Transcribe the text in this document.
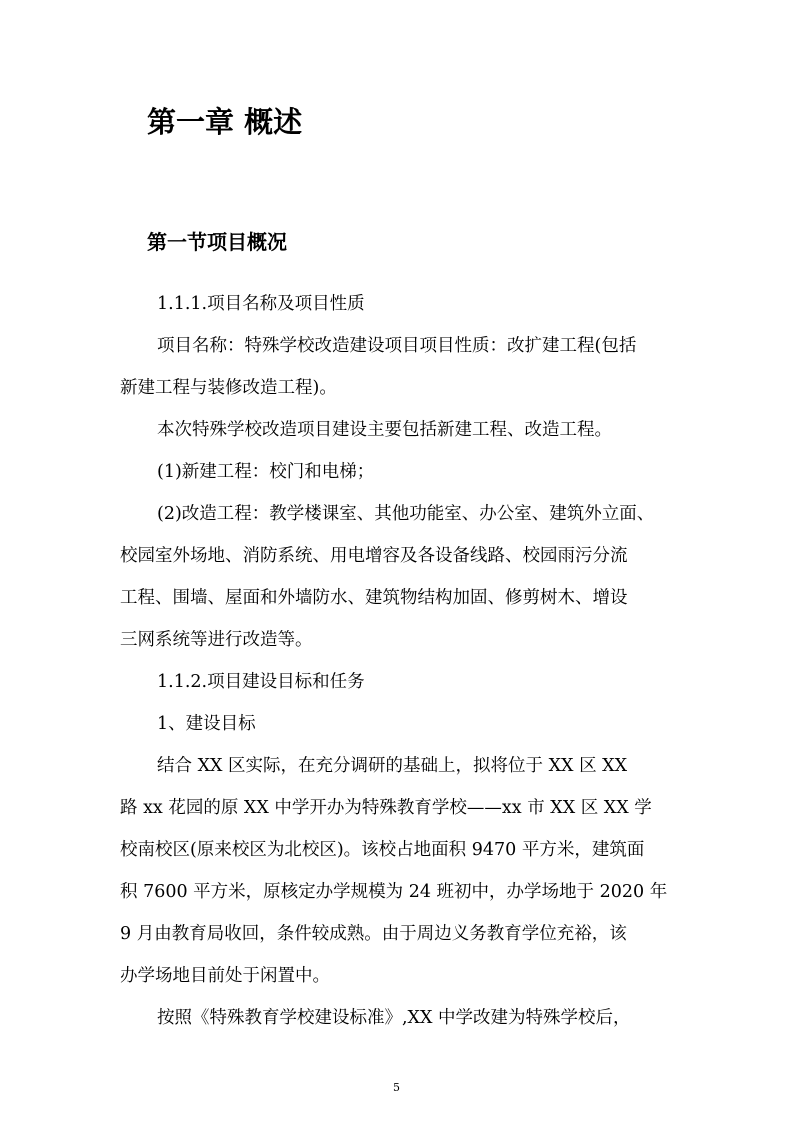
第一章 概述
第一节项目概况
1.1.1.项目名称及项目性质
项目名称：特殊学校改造建设项目项目性质：改扩建工程(包括
新建工程与装修改造工程)。
本次特殊学校改造项目建设主要包括新建工程、改造工程。
(1)新建工程：校门和电梯；
(2)改造工程：教学楼课室、其他功能室、办公室、建筑外立面、
校园室外场地、消防系统、用电增容及各设备线路、校园雨污分流
工程、围墙、屋面和外墙防水、建筑物结构加固、修剪树木、增设
三网系统等进行改造等。
1.1.2.项目建设目标和任务
1、建设目标
结合 XX 区实际，在充分调研的基础上，拟将位于 XX 区 XX
路 xx 花园的原 XX 中学开办为特殊教育学校——xx 市 XX 区 XX 学
校南校区(原来校区为北校区)。该校占地面积 9470 平方米，建筑面
积 7600 平方米，原核定办学规模为 24 班初中，办学场地于 2020 年
9 月由教育局收回，条件较成熟。由于周边义务教育学位充裕，该
办学场地目前处于闲置中。
按照《特殊教育学校建设标准》,XX 中学改建为特殊学校后，
5
